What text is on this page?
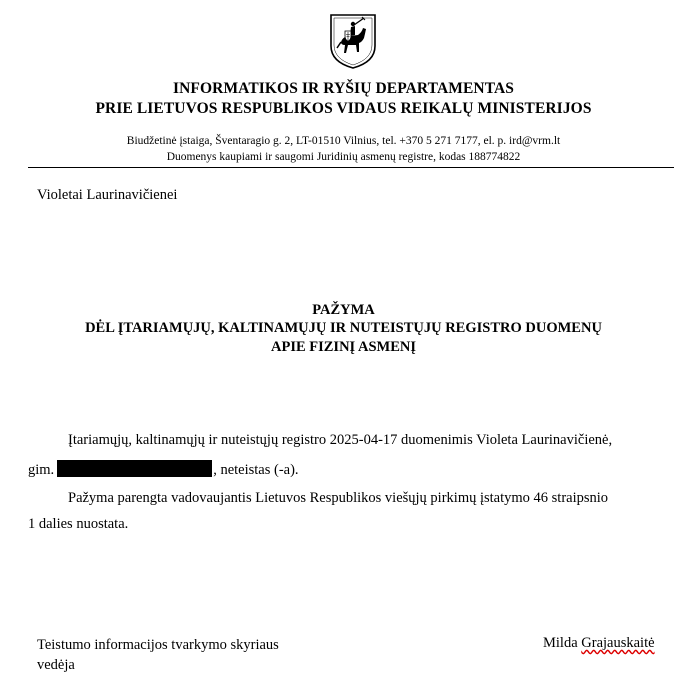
INFORMATIKOS IR RYŠIŲ DEPARTAMENTAS
PRIE LIETUVOS RESPUBLIKOS VIDAUS REIKALŲ MINISTERIJOS
Biudžetinė įstaiga, Šventaragio g. 2, LT-01510 Vilnius, tel. +370 5 271 7177, el. p. ird@vrm.lt
Duomenys kaupiami ir saugomi Juridinių asmenų registre, kodas 188774822
Violetai Laurinavičienei
PAŽYMA
DĖL ĮTARIAMŲJŲ, KALTINAMŲJŲ IR NUTEISTŲJŲ REGISTRO DUOMENŲ
APIE FIZINĮ ASMENĮ
Įtariamųjų, kaltinamųjų ir nuteistųjų registro 2025-04-17 duomenimis Violeta Laurinavičienė,
gim.	, neteistas (-a).
Pažyma parengta vadovaujantis Lietuvos Respublikos viešųjų pirkimų įstatymo 46 straipsnio
1 dalies nuostata.
Teistumo informacijos tvarkymo skyriaus
vedėja
Milda Grajauskaitė
